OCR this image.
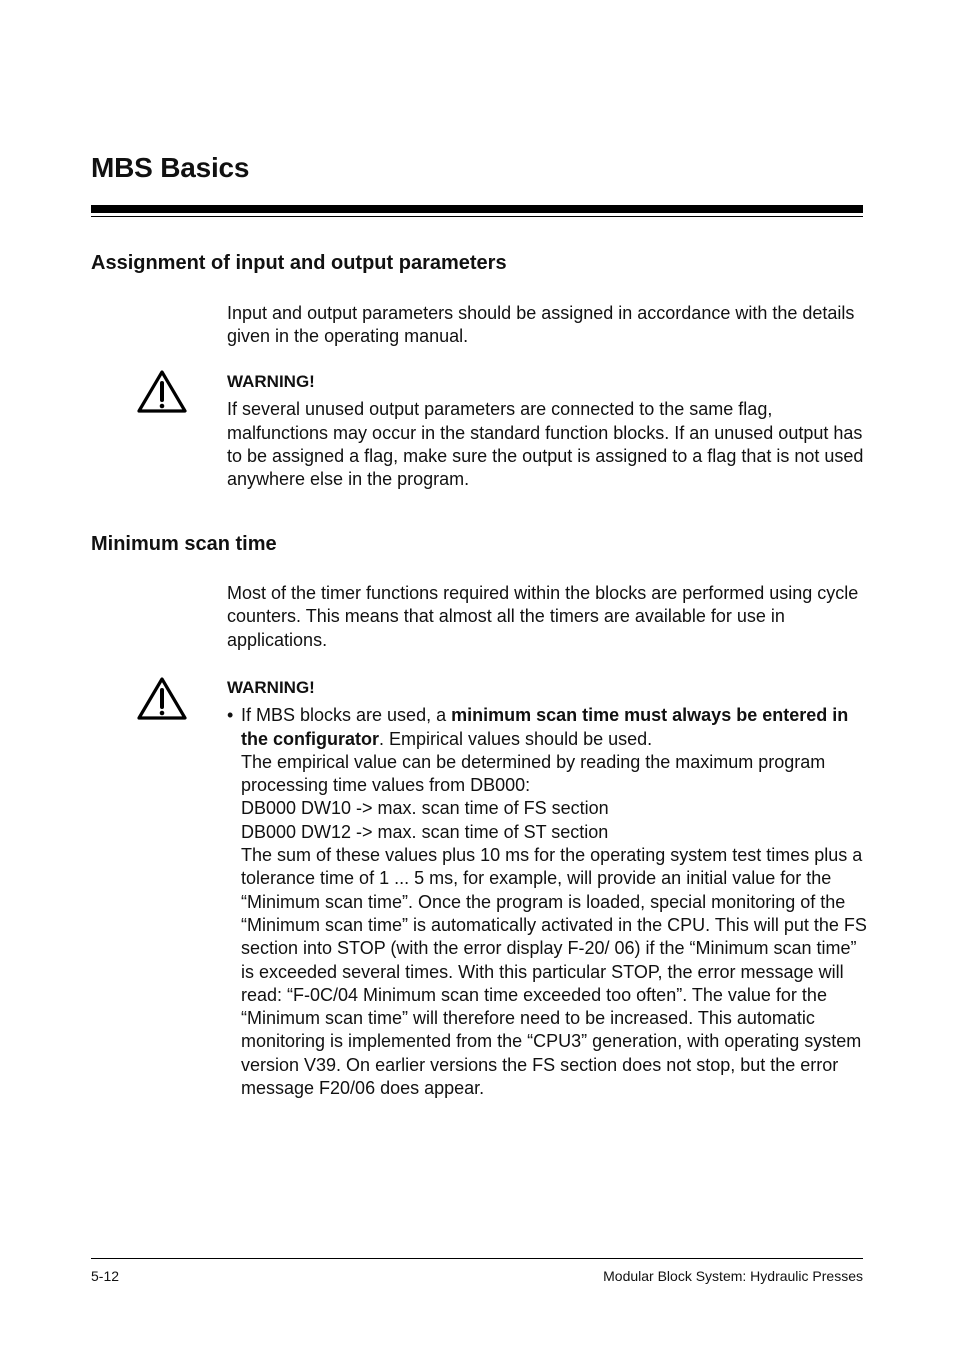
MBS Basics
Assignment of input and output parameters

Input and output parameters should be assigned in accordance with the details given in the operating manual.

WARNING!

If several unused output parameters are connected to the same flag, malfunctions may occur in the standard function blocks. If an unused output has to be assigned a flag, make sure the output is assigned to a flag that is not used anywhere else in the program.

Minimum scan time

Most of the timer functions required within the blocks are performed using cycle counters. This means that almost all the timers are available for use in applications.

WARNING!
• If MBS blocks are used, a minimum scan time must always be entered in the configurator. Empirical values should be used.

The empirical value can be determined by reading the maximum program processing time values from DB000:

DB000 DW10 -> max. scan time of FS section

DB000 DW12 -> max. scan time of ST section

The sum of these values plus 10 ms for the operating system test times plus a tolerance time of 1 ... 5 ms, for example, will provide an initial value for the “Minimum scan time”. Once the program is loaded, special monitoring of the “Minimum scan time” is automatically activated in the CPU. This will put the FS section into STOP (with the error display F-20/ 06) if the “Minimum scan time” is exceeded several times. With this particular STOP, the error message will read: “F-0C/04 Minimum scan time exceeded too often”. The value for the “Minimum scan time” will therefore need to be increased. This automatic monitoring is implemented from the “CPU3” generation, with operating system version V39. On earlier versions the FS section does not stop, but the error message F20/06 does appear.

5-12	Modular Block System: Hydraulic Presses
